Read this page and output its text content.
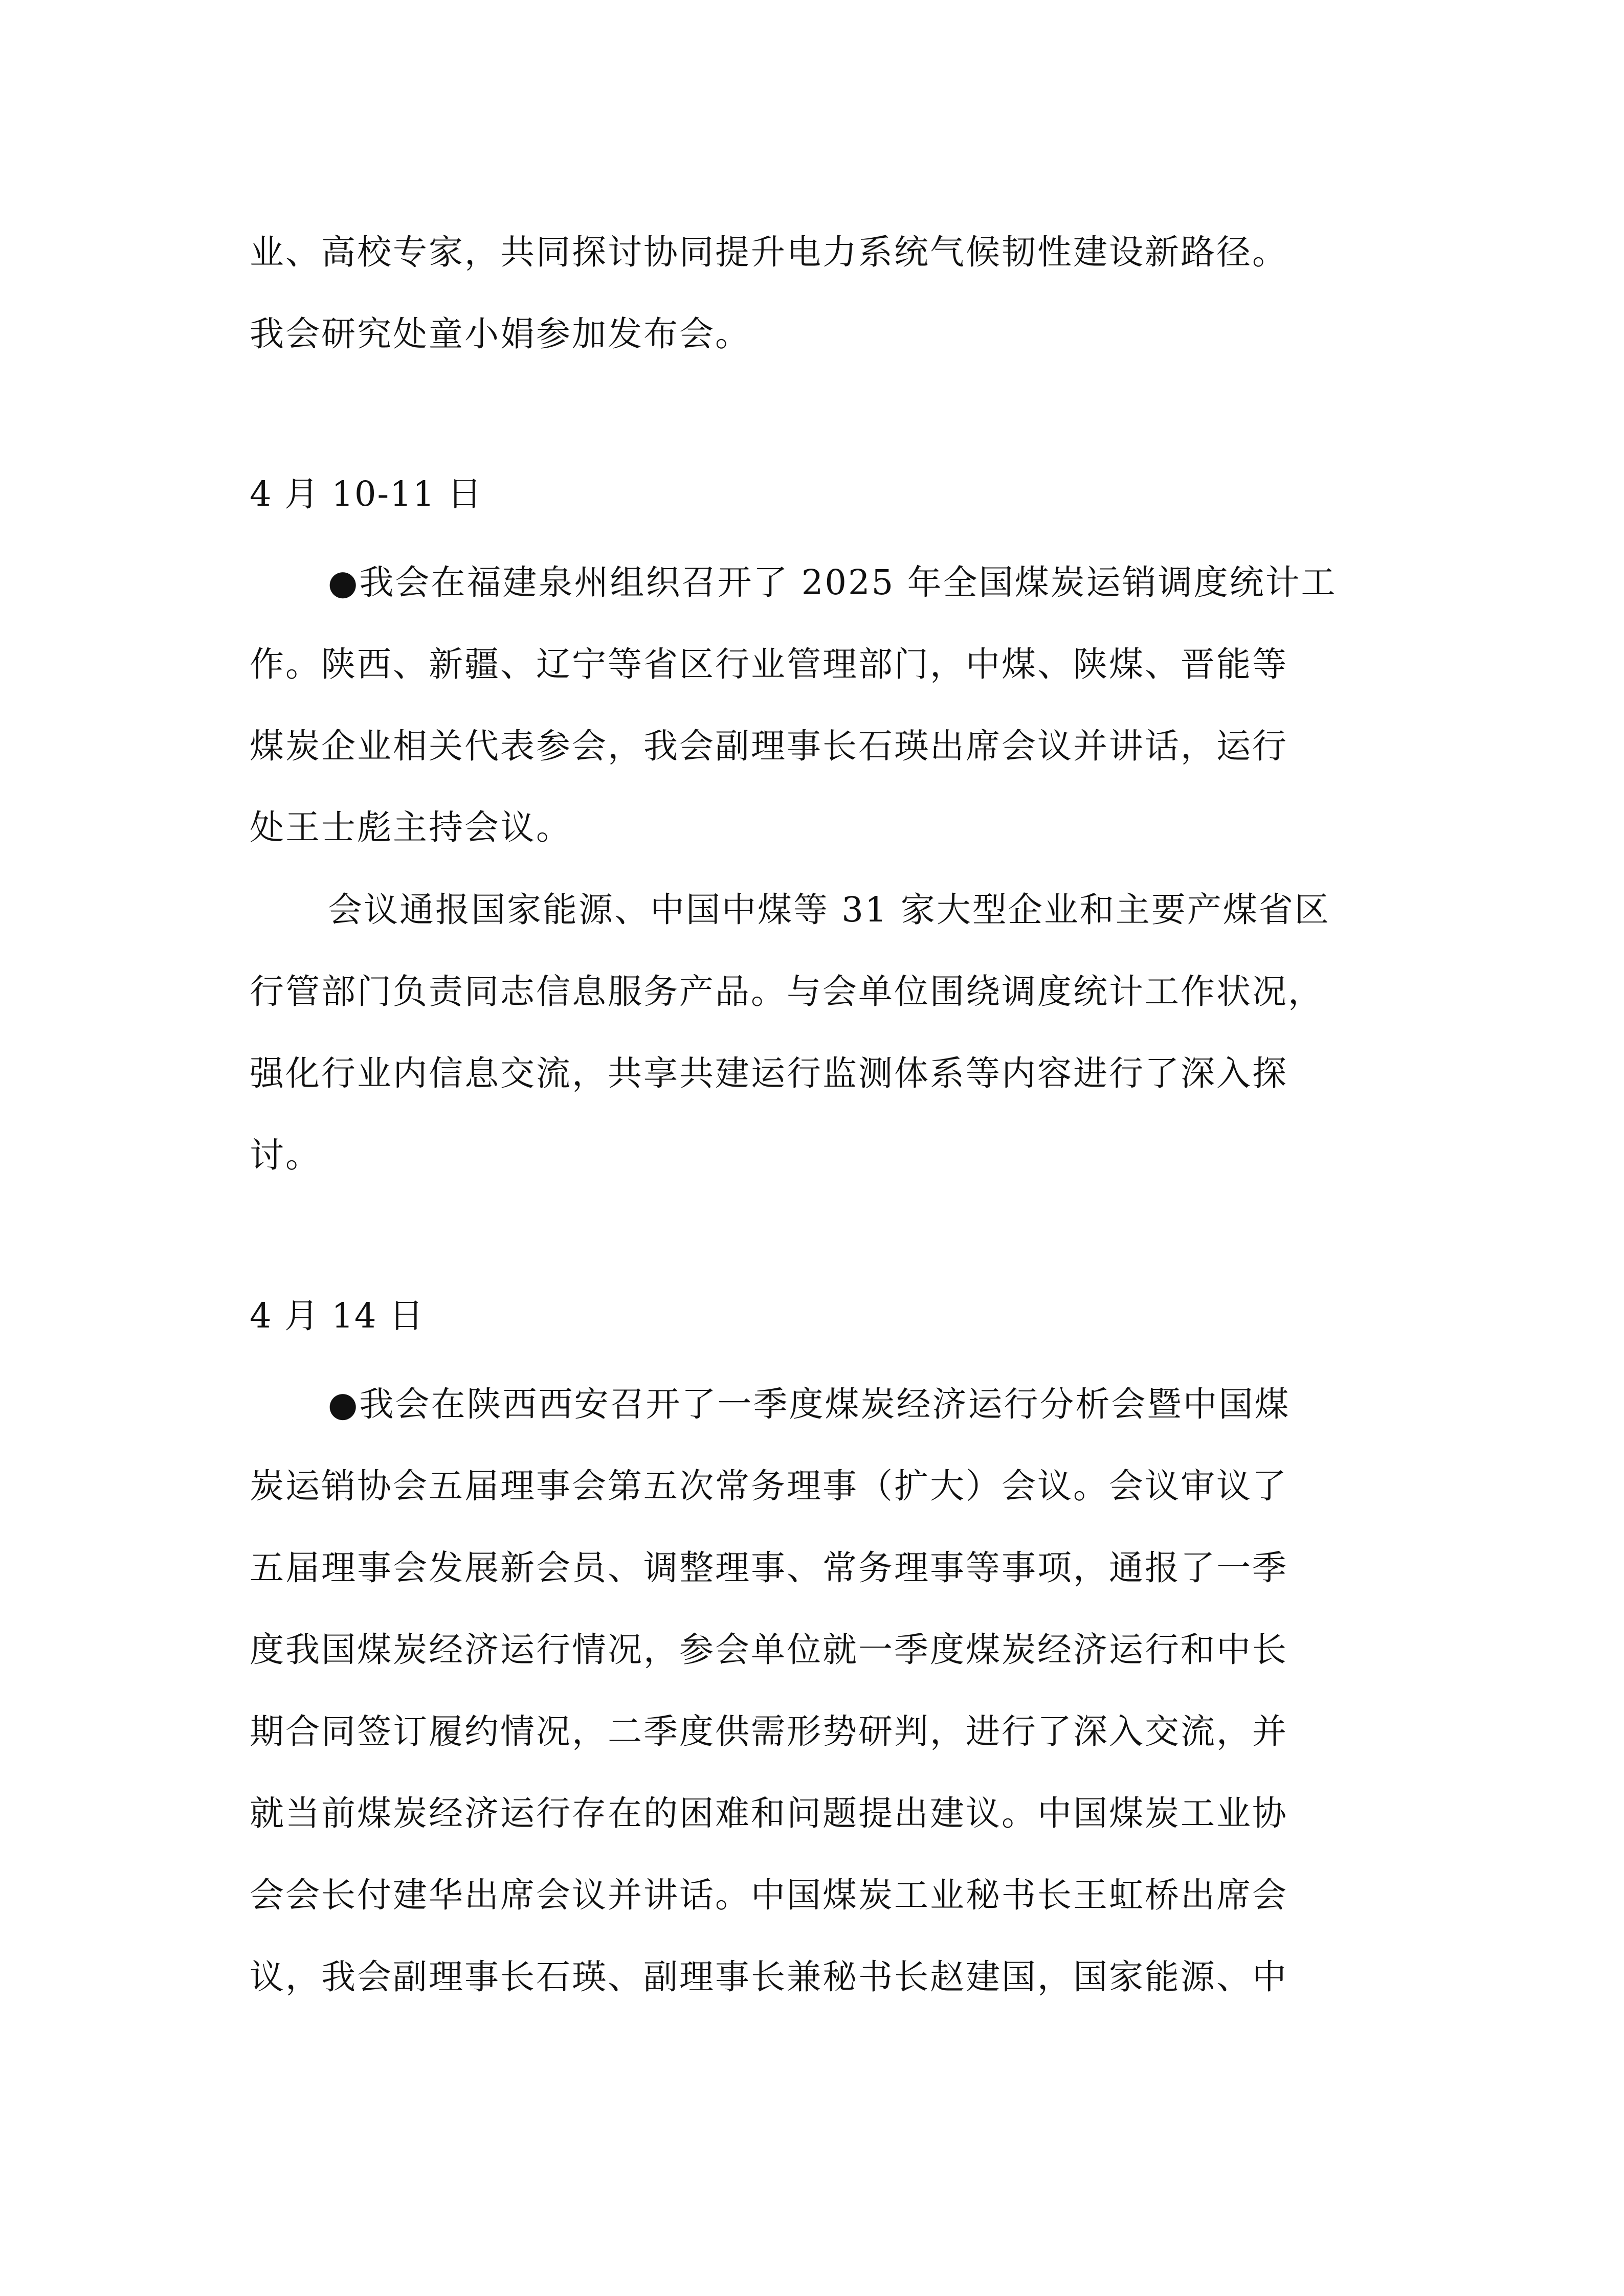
业、高校专家，共同探讨协同提升电力系统气候韧性建设新路径。

我会研究处童小娟参加发布会。

4 月 10-11 日

●我会在福建泉州组织召开了 2025 年全国煤炭运销调度统计工

作。陕西、新疆、辽宁等省区行业管理部门，中煤、陕煤、晋能等

煤炭企业相关代表参会，我会副理事长石瑛出席会议并讲话，运行

处王士彪主持会议。

会议通报国家能源、中国中煤等 31 家大型企业和主要产煤省区

行管部门负责同志信息服务产品。与会单位围绕调度统计工作状况，

强化行业内信息交流，共享共建运行监测体系等内容进行了深入探

讨。

4 月 14 日

●我会在陕西西安召开了一季度煤炭经济运行分析会暨中国煤

炭运销协会五届理事会第五次常务理事（扩大）会议。会议审议了

五届理事会发展新会员、调整理事、常务理事等事项，通报了一季

度我国煤炭经济运行情况，参会单位就一季度煤炭经济运行和中长

期合同签订履约情况，二季度供需形势研判，进行了深入交流，并

就当前煤炭经济运行存在的困难和问题提出建议。中国煤炭工业协

会会长付建华出席会议并讲话。中国煤炭工业秘书长王虹桥出席会

议，我会副理事长石瑛、副理事长兼秘书长赵建国，国家能源、中
